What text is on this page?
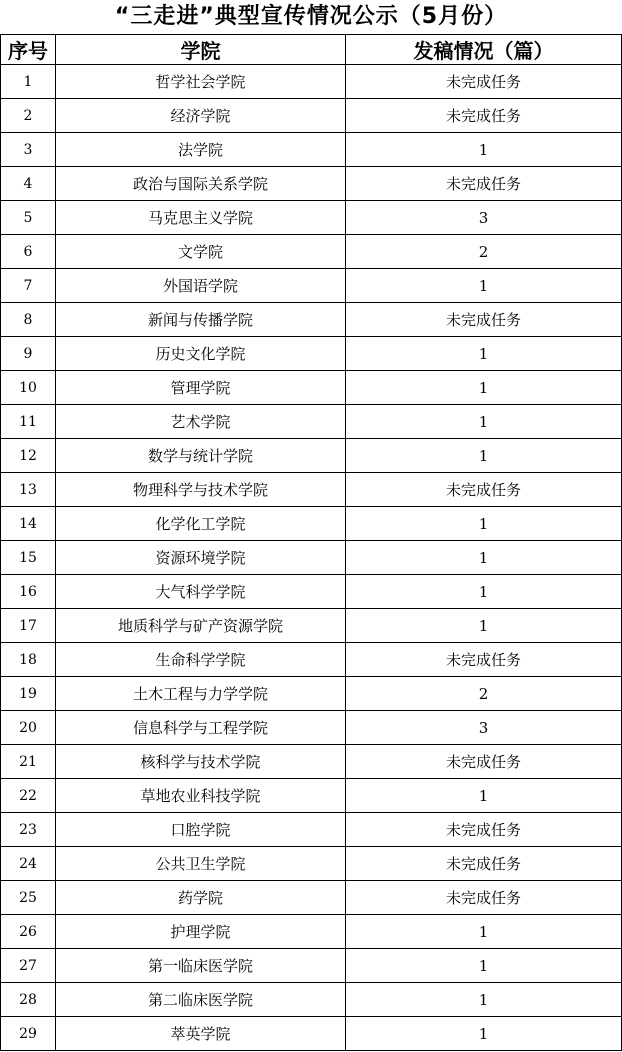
“三走进”典型宣传情况公示（5月份）
序号	学院	发稿情况（篇）
1	哲学社会学院	未完成任务
2	经济学院	未完成任务
3	法学院	1
4	政治与国际关系学院	未完成任务
5	马克思主义学院	3
6	文学院	2
7	外国语学院	1
8	新闻与传播学院	未完成任务
9	历史文化学院	1
10	管理学院	1
11	艺术学院	1
12	数学与统计学院	1
13	物理科学与技术学院	未完成任务
14	化学化工学院	1
15	资源环境学院	1
16	大气科学学院	1
17	地质科学与矿产资源学院	1
18	生命科学学院	未完成任务
19	土木工程与力学学院	2
20	信息科学与工程学院	3
21	核科学与技术学院	未完成任务
22	草地农业科技学院	1
23	口腔学院	未完成任务
24	公共卫生学院	未完成任务
25	药学院	未完成任务
26	护理学院	1
27	第一临床医学院	1
28	第二临床医学院	1
29	萃英学院	1
